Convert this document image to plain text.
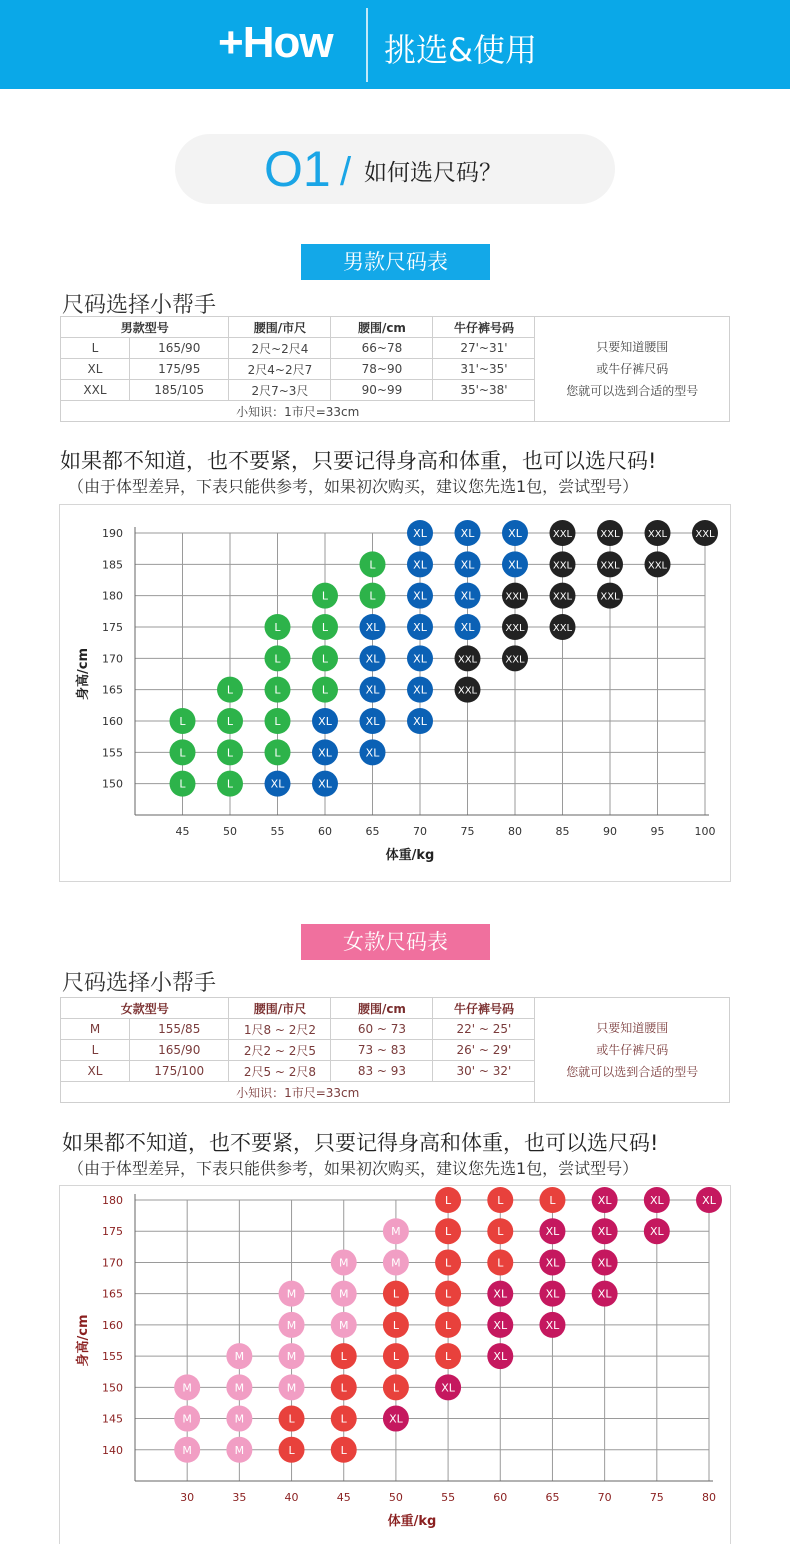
+How 挑选&使用
O1 / 如何选尺码？
男款尺码表
尺码选择小帮手
男款型号		腰围/市尺	腰围/cm	牛仔裤号码	只要知道腰围
或牛仔裤尺码
您就可以选到合适的型号

L	165/90	2尺~2尺4	66~78	27'~31'	
XL	175/95	2尺4~2尺7	78~90	31'~35'	
XXL	185/105	2尺7~3尺	90~99	35'~38'	
小知识：1市尺=33cm					
如果都不知道，也不要紧，只要记得身高和体重，也可以选尺码!
（由于体型差异，下表只能供参考，如果初次购买，建议您先选1包，尝试型号）
45	50	55	60	65	70	75	80	85	90	95	100
150
155
160
165
170
175
180
185
190
体重/kg
身高/cm
L
L
L
L
L
L
L
XL
L
L
L
L
L
XL
XL
XL
L
L
L
L
XL
XL
XL
XL
XL
L
L
XL
XL
XL
XL
XL
XL
XL
XXL
XXL
XL
XL
XL
XL
XXL
XXL
XXL
XL
XL
XXL
XXL
XXL
XXL
XXL
XXL
XXL
XXL
XXL	XXL
女款尺码表
尺码选择小帮手
女款型号		腰围/市尺	腰围/cm	牛仔裤号码	只要知道腰围
或牛仔裤尺码
您就可以选到合适的型号

M	155/85	1尺8 ~ 2尺2	60 ~ 73	22' ~ 25'	
L	165/90	2尺2 ~ 2尺5	73 ~ 83	26' ~ 29'	
XL	175/100	2尺5 ~ 2尺8	83 ~ 93	30' ~ 32'	
小知识：1市尺=33cm					
如果都不知道，也不要紧，只要记得身高和体重，也可以选尺码!
（由于体型差异，下表只能供参考，如果初次购买，建议您先选1包，尝试型号）
30	35	40	45	50	55	60	65	70	75	80
140
145
150
155
160
165
170
175
180
体重/kg
身高/cm
M
M
M
M
M
M
M
L
L
M
M
M
M
L
L
L
L
M
M
M
XL
L
L
L
L
M
M
XL
L
L
L
L
L
L
XL
XL
XL
L
L
L
XL
XL
XL
XL
L
XL
XL
XL
XL
XL
XL	XL
